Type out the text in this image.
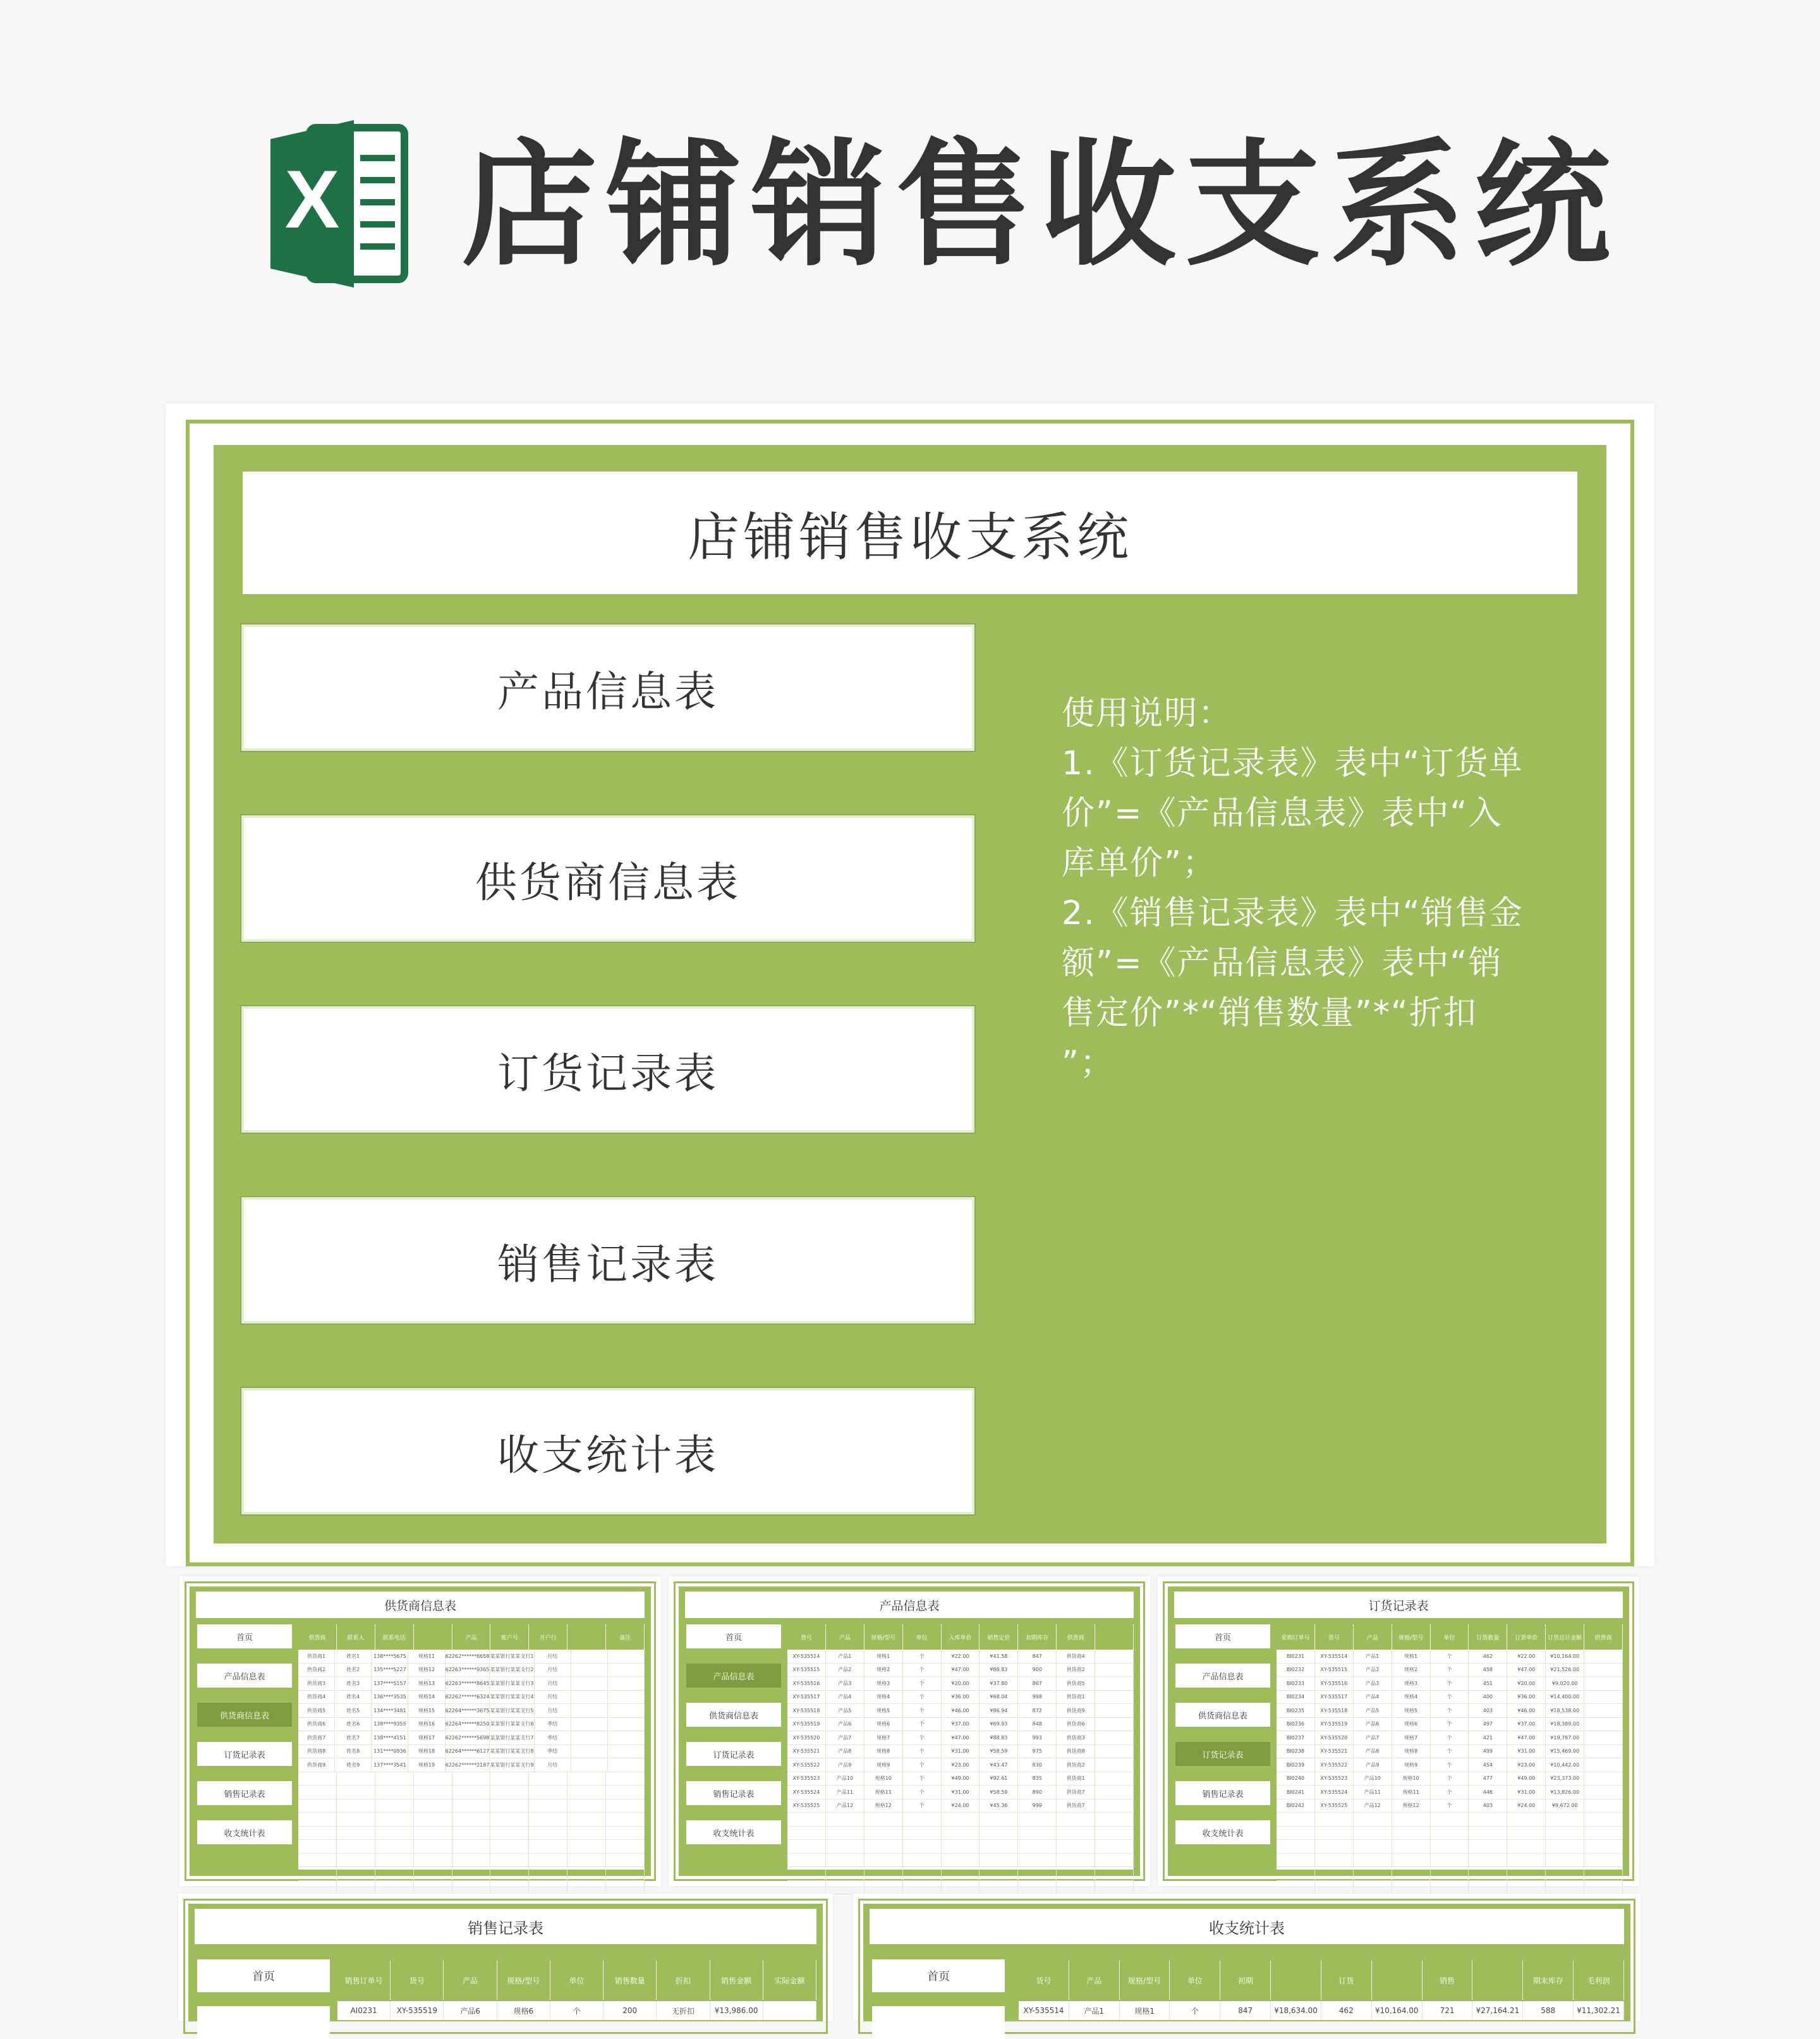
X 店铺销售收支系统
店铺销售收支系统
产品信息表
供货商信息表
订货记录表
销售记录表
收支统计表
使用说明：
1.《订货记录表》表中“订货单
价”=《产品信息表》表中“入
库单价”；
2.《销售记录表》表中“销售金
额”=《产品信息表》表中“销
售定价”*“销售数量”*“折扣
”；
供货商信息表
首页
产品信息表
供货商信息表
订货记录表
销售记录表
收支统计表
供货商	联系人	联系电话	产品	账户号	开户行	备注
供货商1	姓名1	138****5675	规格11	62262******6658 某某银行某某支行1	月结
供货商2	姓名2	135****5227	规格12	62263******9365 某某银行某某支行2	月结
供货商3	姓名3	137****5157	规格13	62263******8645 某某银行某某支行3	月结
供货商4	姓名4	136****3535	规格14	62262******6324 某某银行某某支行4	月结
供货商5	姓名5	134****3481	规格15	62264******3675 某某银行某某支行5	月结
供货商6	姓名6	138****9355	规格16	62264******8250 某某银行某某支行6	季结
供货商7	姓名7	138****4151	规格17	62262******5698 某某银行某某支行7	季结
供货商8	姓名8	131****0936	规格18	62264******6127 某某银行某某支行8	季结
供货商9	姓名9	137****3541	规格19	62262******2187 某某银行某某支行9	月结
产品信息表
首页
产品信息表
供货商信息表
订货记录表
销售记录表
收支统计表
货号	产品	规格/型号	单位	入库单价	销售定价	初期库存	供货商
XY-535514	产品1	规格1	个	¥22.00	¥41.58	847	供货商4
XY-535515	产品2	规格2	个	¥47.00	¥88.83	900	供货商2
XY-535516	产品3	规格3	个	¥20.00	¥37.80	867	供货商5
XY-535517	产品4	规格4	个	¥36.00	¥68.04	998	供货商1
XY-535518	产品5	规格5	个	¥46.00	¥86.94	872	供货商9
XY-535519	产品6	规格6	个	¥37.00	¥69.93	848	供货商6
XY-535520	产品7	规格7	个	¥47.00	¥88.83	993	供货商3
XY-535521	产品8	规格8	个	¥31.00	¥58.59	975	供货商8
XY-535522	产品9	规格9	个	¥23.00	¥43.47	830	供货商2
XY-535523	产品10	规格10	个	¥49.00	¥92.61	835	供货商1
XY-535524	产品11	规格11	个	¥31.00	¥58.59	890	供货商7
XY-535525	产品12	规格12	个	¥24.00	¥45.36	999	供货商7
订货记录表
首页
产品信息表
供货商信息表
订货记录表
销售记录表
收支统计表
采购订单号	货号	产品	规格/型号	单位	订货数量	订货单价	订货总计金额	供货商
BI0231	XY-535514	产品1	规格1	个	462	¥22.00	¥10,164.00
BI0232	XY-535515	产品2	规格2	个	458	¥47.00	¥21,526.00
BI0233	XY-535516	产品3	规格3	个	451	¥20.00	¥9,020.00
BI0234	XY-535517	产品4	规格4	个	400	¥36.00	¥14,400.00
BI0235	XY-535518	产品5	规格5	个	403	¥46.00	¥18,538.00
BI0236	XY-535519	产品6	规格6	个	497	¥37.00	¥18,389.00
BI0237	XY-535520	产品7	规格7	个	421	¥47.00	¥19,787.00
BI0238	XY-535521	产品8	规格8	个	499	¥31.00	¥15,469.00
BI0239	XY-535522	产品9	规格9	个	454	¥23.00	¥10,442.00
BI0240	XY-535523	产品10	规格10	个	477	¥49.00	¥23,373.00
BI0241	XY-535524	产品11	规格11	个	446	¥31.00	¥13,826.00
BI0242	XY-535525	产品12	规格12	个	403	¥24.00	¥9,672.00
销售记录表
首页	销售订单号	货号	产品	规格/型号	单位	销售数量	折扣	销售金额	实际金额
AI0231	XY-535519	产品6	规格6	个	200	无折扣	¥13,986.00
收支统计表
首页	货号	产品	规格/型号	单位	初期	订货	销售	期末库存	毛利润
XY-535514	产品1	规格1	个	847	¥18,634.00	462	¥10,164.00	721	¥27,164.21	588	¥11,302.21
